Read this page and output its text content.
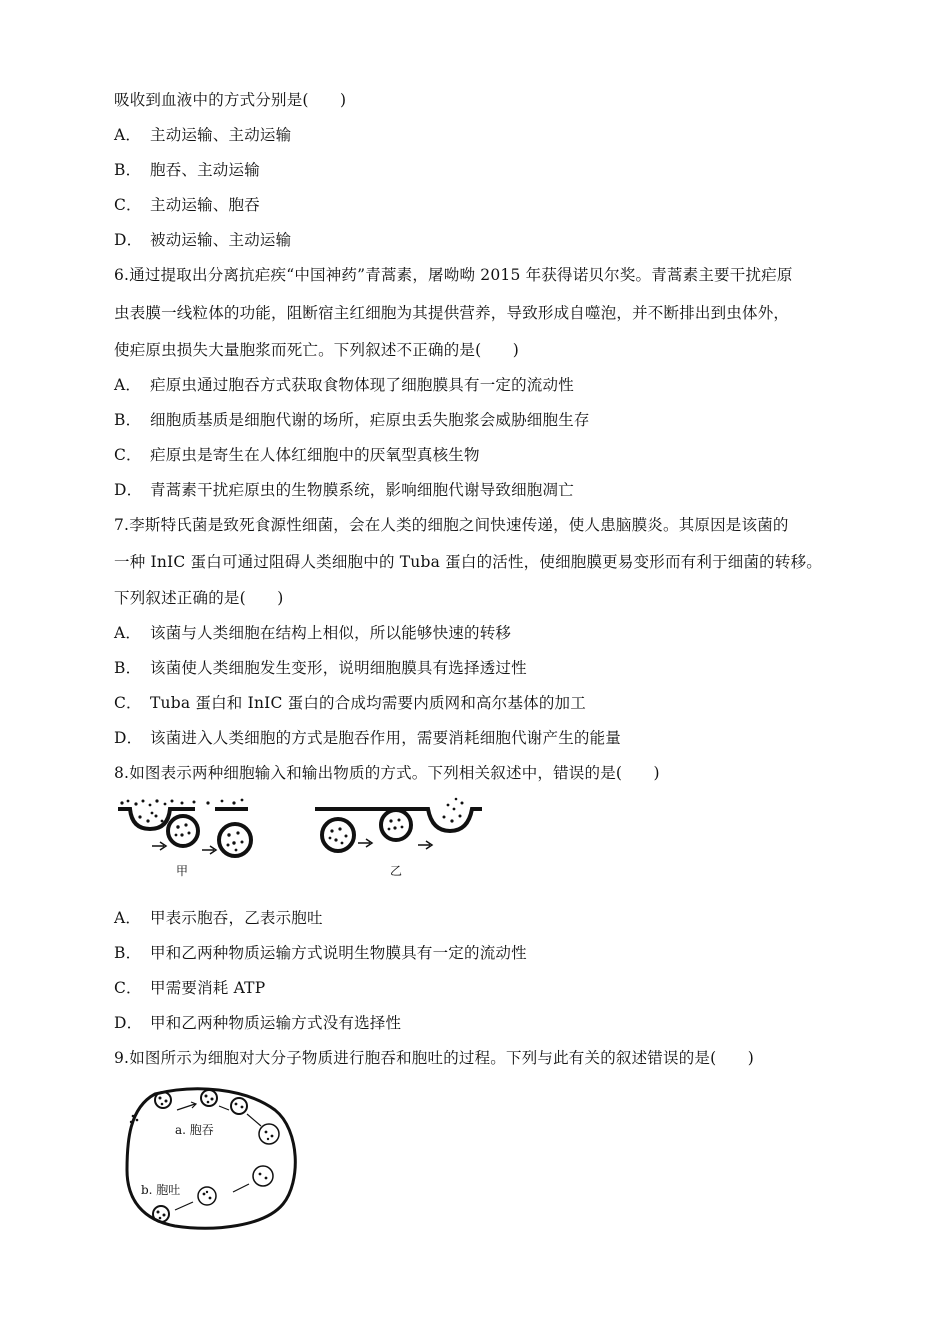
吸收到血液中的方式分别是(　　)
A． 主动运输、主动运输
B． 胞吞、主动运输
C． 主动运输、胞吞
D． 被动运输、主动运输
6.通过提取出分离抗疟疾“中国神药”青蒿素，屠呦呦 2015 年获得诺贝尔奖。青蒿素主要干扰疟原
虫表膜一线粒体的功能，阻断宿主红细胞为其提供营养，导致形成自噬泡，并不断排出到虫体外，
使疟原虫损失大量胞浆而死亡。下列叙述不正确的是(　　)
A． 疟原虫通过胞吞方式获取食物体现了细胞膜具有一定的流动性
B． 细胞质基质是细胞代谢的场所，疟原虫丢失胞浆会威胁细胞生存
C． 疟原虫是寄生在人体红细胞中的厌氧型真核生物
D． 青蒿素干扰疟原虫的生物膜系统，影响细胞代谢导致细胞凋亡
7.李斯特氏菌是致死食源性细菌，会在人类的细胞之间快速传递，使人患脑膜炎。其原因是该菌的
一种 InIC 蛋白可通过阻碍人类细胞中的 Tuba 蛋白的活性，使细胞膜更易变形而有利于细菌的转移。
下列叙述正确的是(　　)
A． 该菌与人类细胞在结构上相似，所以能够快速的转移
B． 该菌使人类细胞发生变形，说明细胞膜具有选择透过性
C． Tuba 蛋白和 InIC 蛋白的合成均需要内质网和高尔基体的加工
D． 该菌进入人类细胞的方式是胞吞作用，需要消耗细胞代谢产生的能量
8.如图表示两种细胞输入和输出物质的方式。下列相关叙述中，错误的是(　　)
甲	乙
A． 甲表示胞吞，乙表示胞吐
B． 甲和乙两种物质运输方式说明生物膜具有一定的流动性
C． 甲需要消耗 ATP
D． 甲和乙两种物质运输方式没有选择性
9.如图所示为细胞对大分子物质进行胞吞和胞吐的过程。下列与此有关的叙述错误的是(　　)
a. 胞吞
b. 胞吐
